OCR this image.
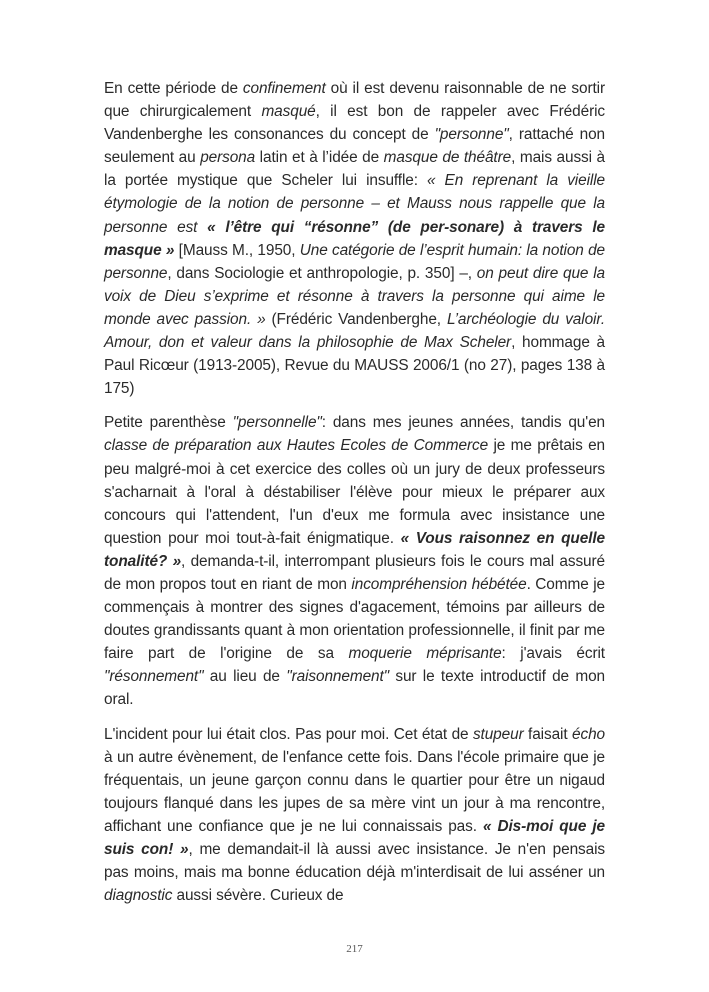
En cette période de confinement où il est devenu raisonnable de ne sortir que chirurgicalement masqué, il est bon de rappeler avec Frédéric Vandenberghe les consonances du concept de "personne", rattaché non seulement au persona latin et à l’idée de masque de théâtre, mais aussi à la portée mystique que Scheler lui insuffle: « En reprenant la vieille étymologie de la notion de personne – et Mauss nous rappelle que la personne est « l’être qui “résonne” (de per-sonare) à travers le masque » [Mauss M., 1950, Une catégorie de l’esprit humain: la notion de personne, dans Sociologie et anthropologie, p. 350] –, on peut dire que la voix de Dieu s’exprime et résonne à travers la personne qui aime le monde avec passion. » (Frédéric Vandenberghe, L’archéologie du valoir. Amour, don et valeur dans la philosophie de Max Scheler, hommage à Paul Ricœur (1913-2005), Revue du MAUSS 2006/1 (no 27), pages 138 à 175)

Petite parenthèse "personnelle": dans mes jeunes années, tandis qu'en classe de préparation aux Hautes Ecoles de Commerce je me prêtais en peu malgré-moi à cet exercice des colles où un jury de deux professeurs s'acharnait à l'oral à déstabiliser l'élève pour mieux le préparer aux concours qui l'attendent, l'un d'eux me formula avec insistance une question pour moi tout-à-fait énigmatique. « Vous raisonnez en quelle tonalité? », demanda-t-il, interrompant plusieurs fois le cours mal assuré de mon propos tout en riant de mon incompréhension hébétée. Comme je commençais à montrer des signes d'agacement, témoins par ailleurs de doutes grandissants quant à mon orientation professionnelle, il finit par me faire part de l'origine de sa moquerie méprisante: j'avais écrit "résonnement" au lieu de "raisonnement" sur le texte introductif de mon oral.

L'incident pour lui était clos. Pas pour moi. Cet état de stupeur faisait écho à un autre évènement, de l'enfance cette fois. Dans l'école primaire que je fréquentais, un jeune garçon connu dans le quartier pour être un nigaud toujours flanqué dans les jupes de sa mère vint un jour à ma rencontre, affichant une confiance que je ne lui connaissais pas. « Dis-moi que je suis con! », me demandait-il là aussi avec insistance. Je n'en pensais pas moins, mais ma bonne éducation déjà m'interdisait de lui asséner un diagnostic aussi sévère. Curieux de

217
